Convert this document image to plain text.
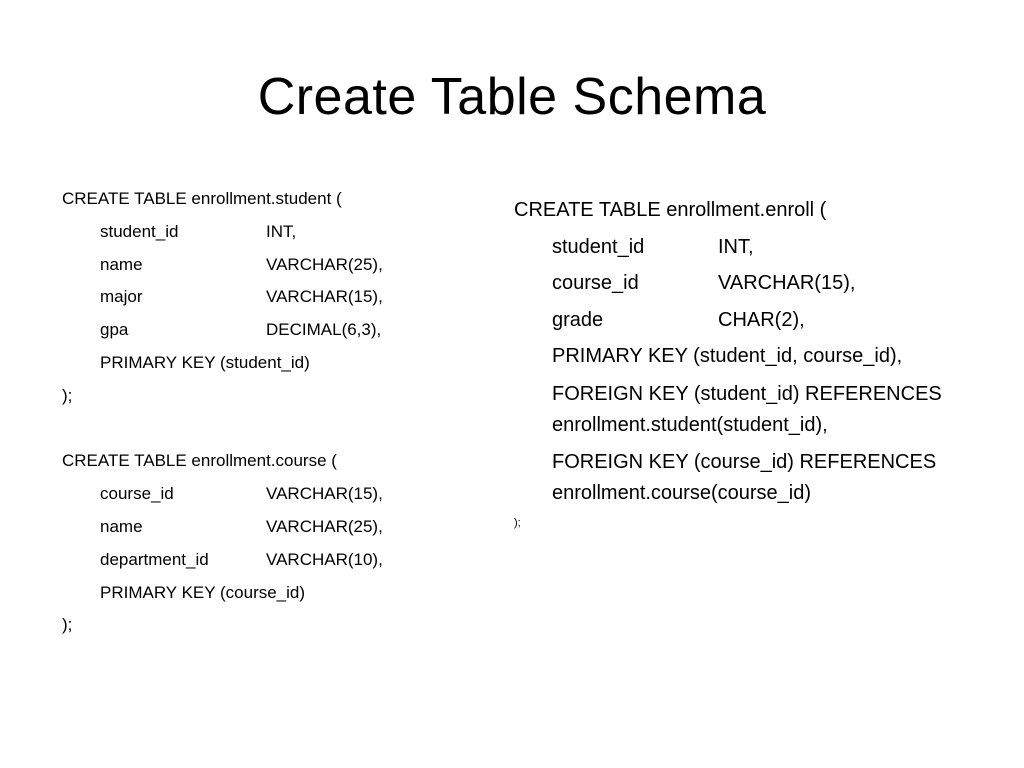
Create Table Schema
CREATE TABLE enrollment.student (
student_id	INT,
name	VARCHAR(25),
major	VARCHAR(15),
gpa	DECIMAL(6,3),
PRIMARY KEY (student_id)
);
CREATE TABLE enrollment.course (
course_id	VARCHAR(15),
name	VARCHAR(25),
department_id	VARCHAR(10),
PRIMARY KEY (course_id)
);
CREATE TABLE enrollment.enroll (
student_id	INT,
course_id	VARCHAR(15),
grade	CHAR(2),
PRIMARY KEY (student_id, course_id),
FOREIGN KEY (student_id) REFERENCES enrollment.student(student_id),
FOREIGN KEY (course_id) REFERENCES enrollment.course(course_id)
);
